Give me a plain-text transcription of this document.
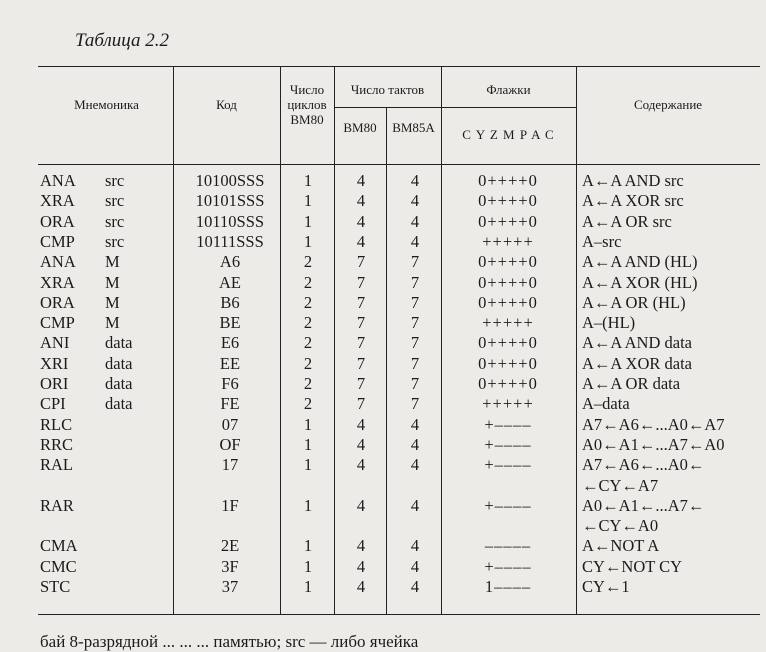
Таблица 2.2
Мнемоника	Код
Число циклов ВМ80
Число тактов
ВМ80	ВМ85А
Флажки
C Y Z M P A C
Содержание
ANA src	10100SSS	1	4	4	0++++0	A←A AND src
XRA src	10101SSS	1	4	4	0++++0	A←A XOR src
ORA src	10110SSS	1	4	4	0++++0	A←A OR src
CMP src	10111SSS	1	4	4	+++++	A–src
ANA M	A6	2	7	7	0++++0	A←A AND (HL)
XRA M	AE	2	7	7	0++++0	A←A XOR (HL)
ORA M	B6	2	7	7	0++++0	A←A OR (HL)
CMP M	BE	2	7	7	+++++	A–(HL)
ANI data	E6	2	7	7	0++++0	A←A AND data
XRI data	EE	2	7	7	0++++0	A←A XOR data
ORI data	F6	2	7	7	0++++0	A←A OR data
CPI data	FE	2	7	7	+++++	A–data
RLC	07	1	4	4	+––––	A7←A6←...A0←A7
RRC	OF	1	4	4	+––––	A0←A1←...A7←A0
RAL	17	1	4	4	+––––	A7←A6←...A0←
←CY←A7
RAR	1F	1	4	4	+––––	A0←A1←...A7←
←CY←A0
CMA	2E	1	4	4	–––––	A←NOT A
CMC	3F	1	4	4	+––––	CY←NOT CY
STC	37	1	4	4	1––––	CY←1
бай 8-разрядной ... ... ... памятью; src — либо ячейка
